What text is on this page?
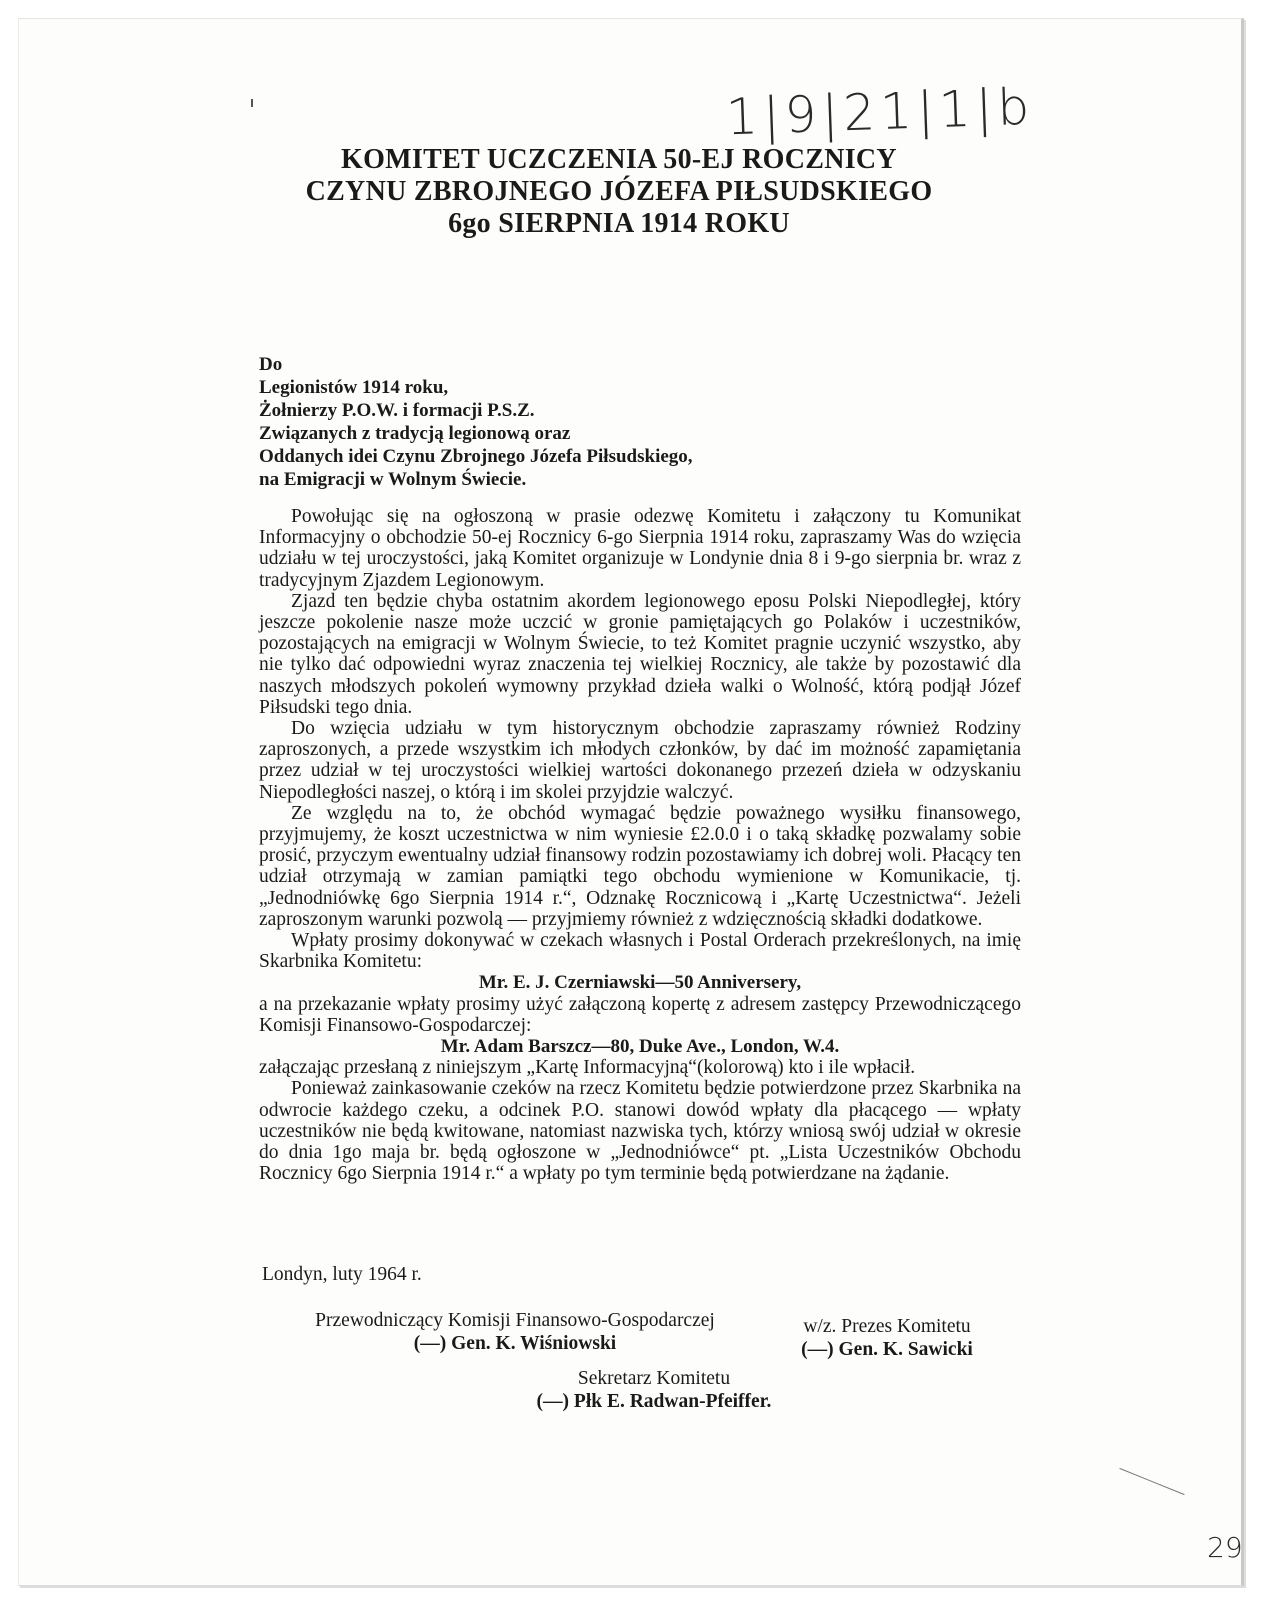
1|9|21|1|b
KOMITET UCZCZENIA 50-EJ ROCZNICY
CZYNU ZBROJNEGO JÓZEFA PIŁSUDSKIEGO
6go SIERPNIA 1914 ROKU
Do
Legionistów 1914 roku,
Żołnierzy P.O.W. i formacji P.S.Z.
Związanych z tradycją legionową oraz
Oddanych idei Czynu Zbrojnego Józefa Piłsudskiego,
na Emigracji w Wolnym Świecie.

Powołując się na ogłoszoną w prasie odezwę Komitetu i załączony tu Komunikat Informacyjny o obchodzie 50-ej Rocznicy 6-go Sierpnia 1914 roku, zapraszamy Was do wzięcia udziału w tej uroczystości, jaką Komitet organizuje w Londynie dnia 8 i 9-go sierpnia br. wraz z tradycyjnym Zjazdem Legionowym.

Zjazd ten będzie chyba ostatnim akordem legionowego eposu Polski Niepodległej, który jeszcze pokolenie nasze może uczcić w gronie pamiętających go Polaków i uczestników, pozostających na emigracji w Wolnym Świecie, to też Komitet pragnie uczynić wszystko, aby nie tylko dać odpowiedni wyraz znaczenia tej wielkiej Rocznicy, ale także by pozostawić dla naszych młodszych pokoleń wymowny przykład dzieła walki o Wolność, którą podjął Józef Piłsudski tego dnia.

Do wzięcia udziału w tym historycznym obchodzie zapraszamy również Rodziny zaproszonych, a przede wszystkim ich młodych członków, by dać im możność zapamiętania przez udział w tej uroczystości wielkiej wartości dokonanego przezeń dzieła w odzyskaniu Niepodległości naszej, o którą i im skolei przyjdzie walczyć.

Ze względu na to, że obchód wymagać będzie poważnego wysiłku finansowego, przyjmujemy, że koszt uczestnictwa w nim wyniesie £2.0.0 i o taką składkę pozwalamy sobie prosić, przyczym ewentualny udział finansowy rodzin pozostawiamy ich dobrej woli. Płacący ten udział otrzymają w zamian pamiątki tego obchodu wymienione w Komunikacie, tj. „Jednodniówkę 6go Sierpnia 1914 r.“, Odznakę Rocznicową i „Kartę Uczestnictwa“. Jeżeli zaproszonym warunki pozwolą — przyjmiemy również z wdzięcznością składki dodatkowe.

Wpłaty prosimy dokonywać w czekach własnych i Postal Orderach przekreślonych, na imię Skarbnika Komitetu:

Mr. E. J. Czerniawski—50 Anniversery,

a na przekazanie wpłaty prosimy użyć załączoną kopertę z adresem zastępcy Przewodniczącego Komisji Finansowo-Gospodarczej:

Mr. Adam Barszcz—80, Duke Ave., London, W.4.

załączając przesłaną z niniejszym „Kartę Informacyjną“(kolorową) kto i ile wpłacił.

Ponieważ zainkasowanie czeków na rzecz Komitetu będzie potwierdzone przez Skarbnika na odwrocie każdego czeku, a odcinek P.O. stanowi dowód wpłaty dla płacącego — wpłaty uczestników nie będą kwitowane, natomiast nazwiska tych, którzy wniosą swój udział w okresie do dnia 1go maja br. będą ogłoszone w „Jednodniówce“ pt. „Lista Uczestników Obchodu Rocznicy 6go Sierpnia 1914 r.“ a wpłaty po tym terminie będą potwierdzane na żądanie.

Londyn, luty 1964 r.
Przewodniczący Komisji Finansowo-Gospodarczej
(—) Gen. K. Wiśniowski
w/z. Prezes Komitetu
(—) Gen. K. Sawicki
Sekretarz Komitetu
(—) Płk E. Radwan-Pfeiffer.
29
